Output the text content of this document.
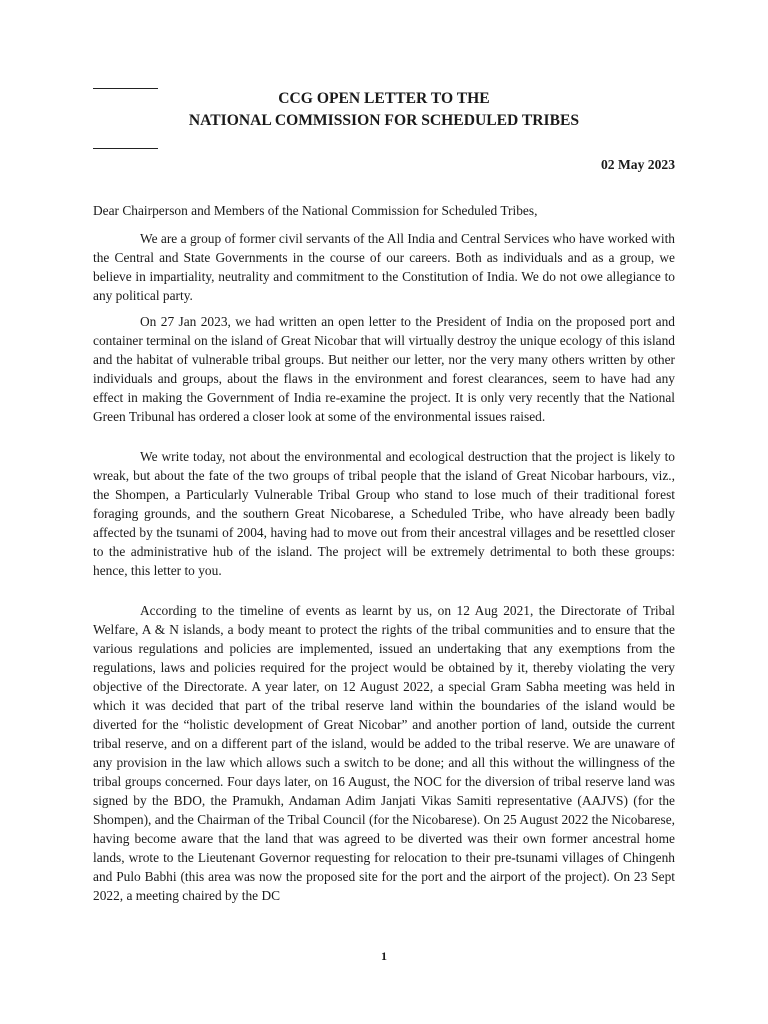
CCG OPEN LETTER TO THE
NATIONAL COMMISSION FOR SCHEDULED TRIBES
02 May 2023
Dear Chairperson and Members of the National Commission for Scheduled Tribes,

We are a group of former civil servants of the All India and Central Services who have worked with the Central and State Governments in the course of our careers. Both as individuals and as a group, we believe in impartiality, neutrality and commitment to the Constitution of India. We do not owe allegiance to any political party.

On 27 Jan 2023, we had written an open letter to the President of India on the proposed port and container terminal on the island of Great Nicobar that will virtually destroy the unique ecology of this island and the habitat of vulnerable tribal groups. But neither our letter, nor the very many others written by other individuals and groups, about the flaws in the environment and forest clearances, seem to have had any effect in making the Government of India re-examine the project. It is only very recently that the National Green Tribunal has ordered a closer look at some of the environmental issues raised.

We write today, not about the environmental and ecological destruction that the project is likely to wreak, but about the fate of the two groups of tribal people that the island of Great Nicobar harbours, viz., the Shompen, a Particularly Vulnerable Tribal Group who stand to lose much of their traditional forest foraging grounds, and the southern Great Nicobarese, a Scheduled Tribe, who have already been badly affected by the tsunami of 2004, having had to move out from their ancestral villages and be resettled closer to the administrative hub of the island. The project will be extremely detrimental to both these groups: hence, this letter to you.

According to the timeline of events as learnt by us, on 12 Aug 2021, the Directorate of Tribal Welfare, A & N islands, a body meant to protect the rights of the tribal communities and to ensure that the various regulations and policies are implemented, issued an undertaking that any exemptions from the regulations, laws and policies required for the project would be obtained by it, thereby violating the very objective of the Directorate. A year later, on 12 August 2022, a special Gram Sabha meeting was held in which it was decided that part of the tribal reserve land within the boundaries of the island would be diverted for the “holistic development of Great Nicobar” and another portion of land, outside the current tribal reserve, and on a different part of the island, would be added to the tribal reserve. We are unaware of any provision in the law which allows such a switch to be done; and all this without the willingness of the tribal groups concerned. Four days later, on 16 August, the NOC for the diversion of tribal reserve land was signed by the BDO, the Pramukh, Andaman Adim Janjati Vikas Samiti representative (AAJVS) (for the Shompen), and the Chairman of the Tribal Council (for the Nicobarese). On 25 August 2022 the Nicobarese, having become aware that the land that was agreed to be diverted was their own former ancestral home lands, wrote to the Lieutenant Governor requesting for relocation to their pre-tsunami villages of Chingenh and Pulo Babhi (this area was now the proposed site for the port and the airport of the project). On 23 Sept 2022, a meeting chaired by the DC

1
